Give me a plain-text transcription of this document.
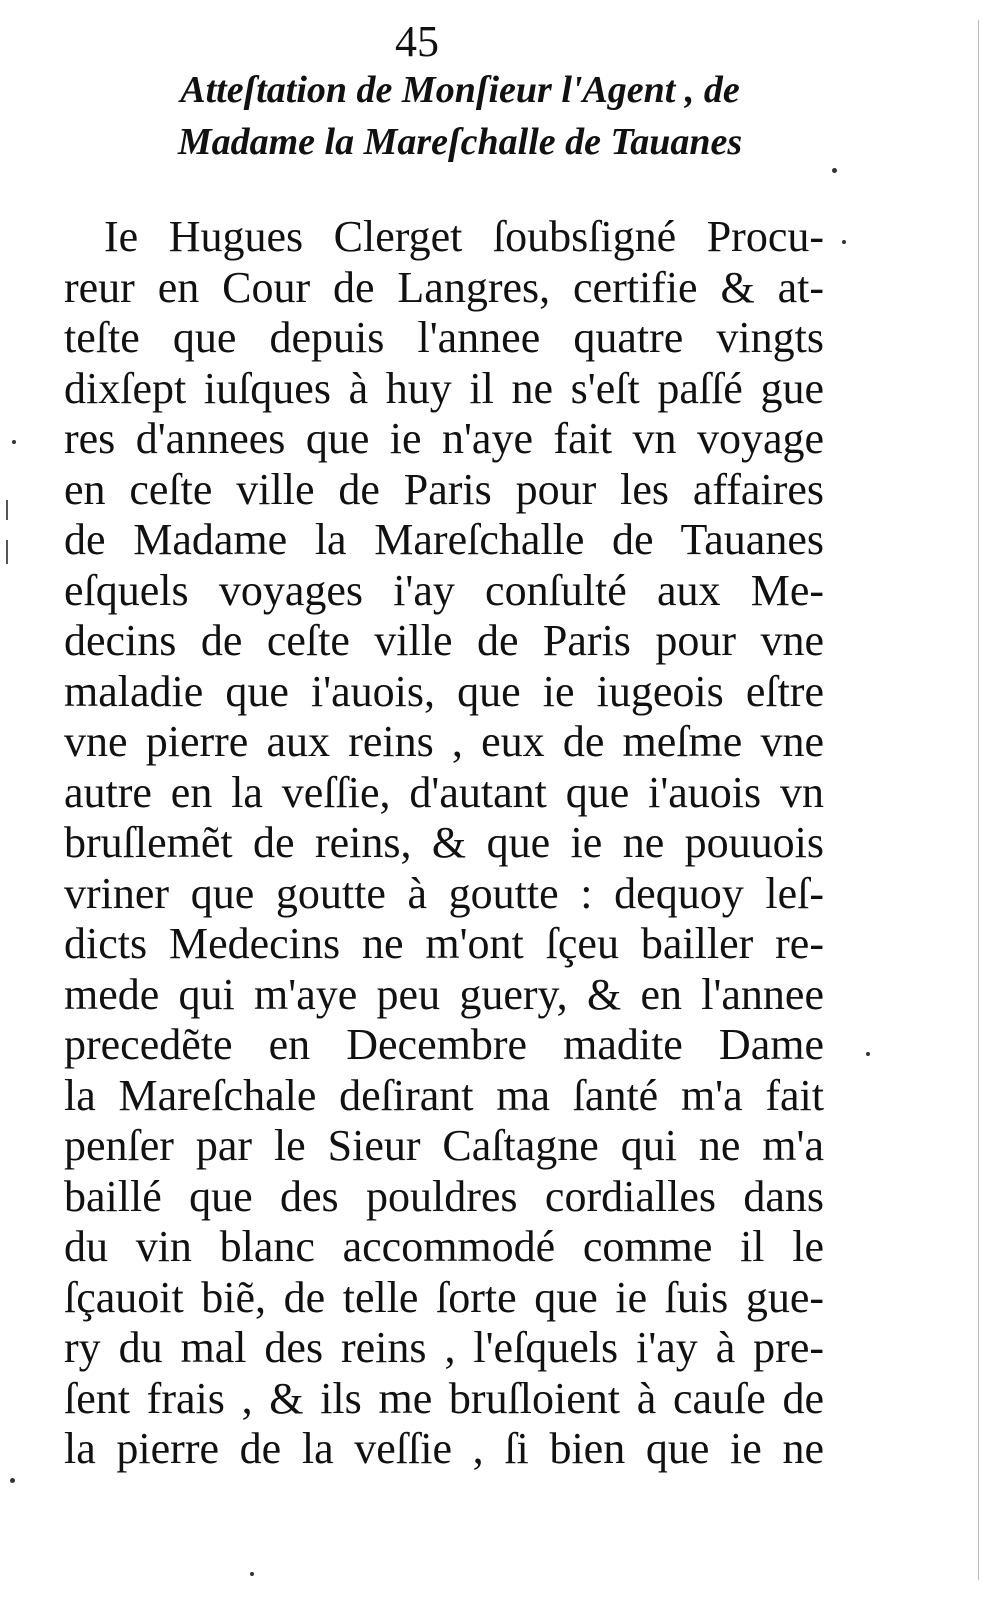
45
Atteſtation de Monſieur l'Agent , de
Madame la Mareſchalle de Tauanes
Ie Hugues Clerget ſoubsſigné Procu-
reur en Cour de Langres, certifie & at-
teſte que depuis l'annee quatre vingts
dixſept iuſques à huy il ne s'eſt paſſé gue
res d'annees que ie n'aye fait vn voyage
en ceſte ville de Paris pour les affaires
de Madame la Mareſchalle de Tauanes
eſquels voyages i'ay conſulté aux Me-
decins de ceſte ville de Paris pour vne
maladie que i'auois, que ie iugeois eſtre
vne pierre aux reins , eux de meſme vne
autre en la veſſie, d'autant que i'auois vn
bruſlemẽt de reins, & que ie ne pouuois
vriner que goutte à goutte : dequoy leſ-
dicts Medecins ne m'ont ſçeu bailler re-
mede qui m'aye peu guery, & en l'annee
precedẽte en Decembre madite Dame
la Mareſchale deſirant ma ſanté m'a fait
penſer par le Sieur Caſtagne qui ne m'a
baillé que des pouldres cordialles dans
du vin blanc accommodé comme il le
ſçauoit biẽ, de telle ſorte que ie ſuis gue-
ry du mal des reins , l'eſquels i'ay à pre-
ſent frais , & ils me bruſloient à cauſe de
la pierre de la veſſie , ſi bien que ie ne
